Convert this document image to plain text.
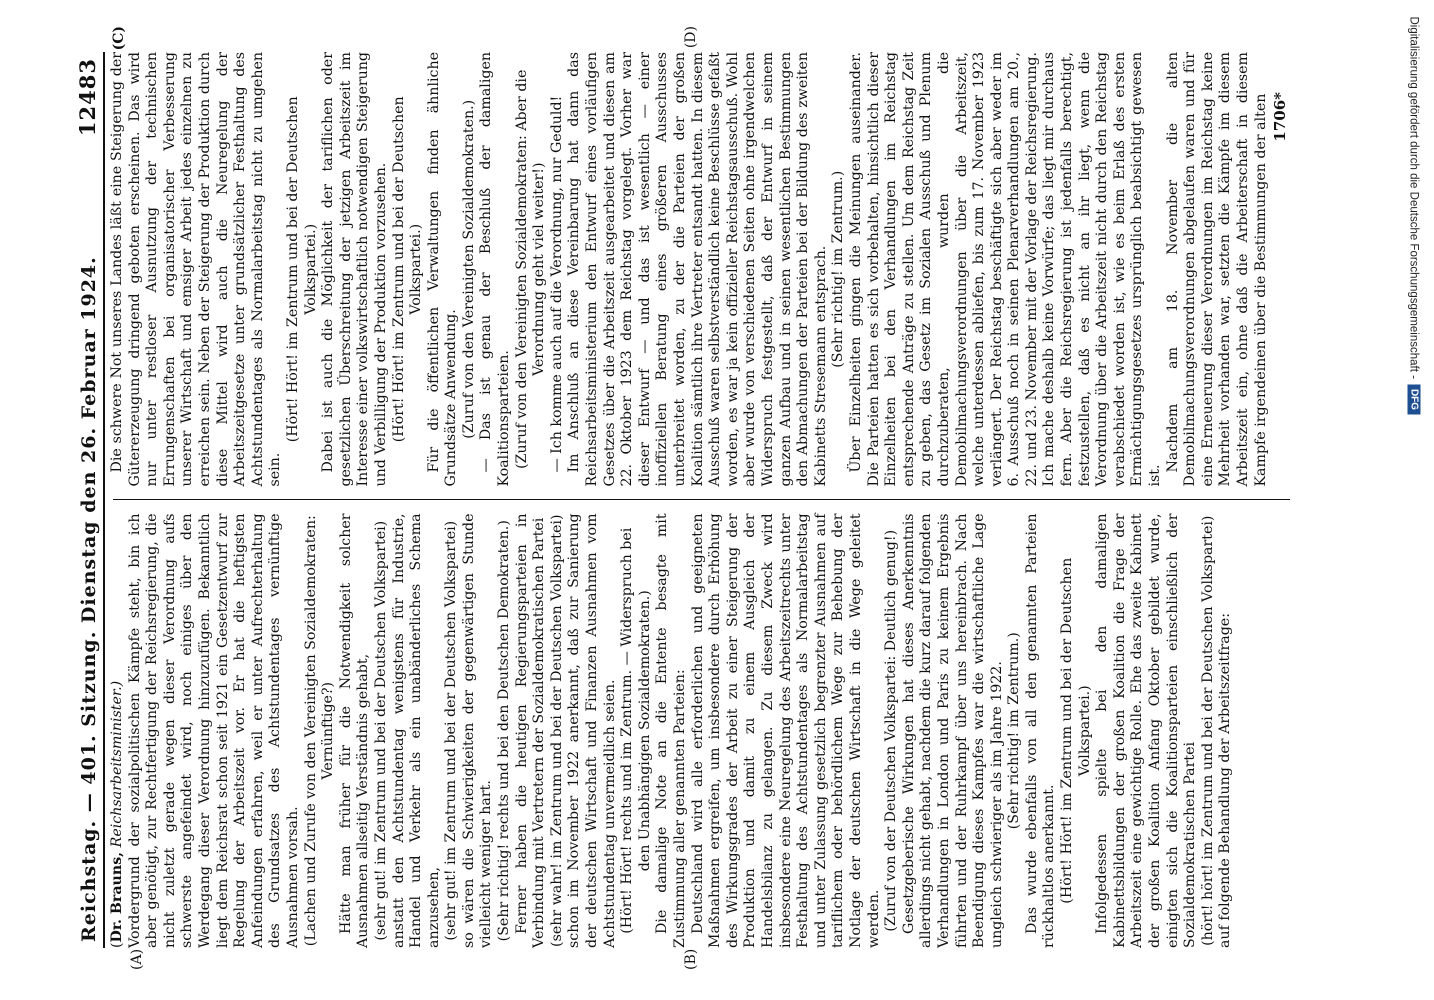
Reichstag. — 401. Sitzung. Dienstag den 26. Februar 1924.
12483
(A)	(B)

(Dr. Brauns, Reichsarbeitsminister.) Vordergrund der sozialpolitischen Kämpfe steht, bin ich aber genötigt, zur Rechtfertigung der Reichsregierung, die nicht zuletzt gerade wegen dieser Verordnung aufs schwerste angefeindet wird, noch einiges über den Werdegang dieser Verordnung hinzuzufügen. Bekanntlich liegt dem Reichsrat schon seit 1921 ein Gesetzentwurf zur Regelung der Arbeitszeit vor. Er hat die heftigsten Anfeindungen erfahren, weil er unter Aufrechterhaltung des Grundsatzes des Achtstundentages vernünftige Ausnahmen vorsah. (Lachen und Zurufe von den Vereinigten Sozialdemokraten: Vernünftige?) Hätte man früher für die Notwendigkeit solcher Ausnahmen allseitig Verständnis gehabt, (sehr gut! im Zentrum und bei der Deutschen Volkspartei) anstatt den Achtstundentag wenigstens für Industrie, Handel und Verkehr als ein unabänderliches Schema anzusehen, (sehr gut! im Zentrum und bei der Deutschen Volkspartei) so wären die Schwierigkeiten der gegenwärtigen Stunde vielleicht weniger hart. (Sehr richtig! rechts und bei den Deutschen Demokraten.) Ferner haben die heutigen Regierungsparteien in Verbindung mit Vertretern der Sozialdemokratischen Partei (sehr wahr! im Zentrum und bei der Deutschen Volkspartei) schon im November 1922 anerkannt, daß zur Sanierung der deutschen Wirtschaft und Finanzen Ausnahmen vom Achtstundentag unvermeidlich seien. (Hört! Hört! rechts und im Zentrum. — Widerspruch bei den Unabhängigen Sozialdemokraten.) Die damalige Note an die Entente besagte mit Zustimmung aller genannten Parteien: Deutschland wird alle erforderlichen und geeigneten Maßnahmen ergreifen, um insbesondere durch Erhöhung des Wirkungsgrades der Arbeit zu einer Steigerung der Produktion und damit zu einem Ausgleich der Handelsbilanz zu gelangen. Zu diesem Zweck wird insbesondere eine Neuregelung des Arbeitszeitrechts unter Festhaltung des Achtstundentages als Normalarbeitstag und unter Zulassung gesetzlich begrenzter Ausnahmen auf tariflichem oder behördlichem Wege zur Behebung der Notlage der deutschen Wirtschaft in die Wege geleitet werden. (Zuruf von der Deutschen Volkspartei: Deutlich genug!) Gesetzgeberische Wirkungen hat dieses Anerkenntnis allerdings nicht gehabt, nachdem die kurz darauf folgenden Verhandlungen in London und Paris zu keinem Ergebnis führten und der Ruhrkampf über uns hereinbrach. Nach Beendigung dieses Kampfes war die wirtschaftliche Lage ungleich schwieriger als im Jahre 1922. (Sehr richtig! im Zentrum.) Das wurde ebenfalls von all den genannten Parteien rückhaltlos anerkannt. (Hört! Hört! im Zentrum und bei der Deutschen Volkspartei.) Infolgedessen spielte bei den damaligen Kabinettsbildungen der großen Koalition die Frage der Arbeitszeit eine gewichtige Rolle. Ehe das zweite Kabinett der großen Koalition Anfang Oktober gebildet wurde, einigten sich die Koalitionsparteien einschließlich der Sozialdemokratischen Partei (hört! hört! im Zentrum und bei der Deutschen Volkspartei) auf folgende Behandlung der Arbeitszeitfrage:

(C)	(D)

Die schwere Not unseres Landes läßt eine Steigerung der Gütererzeugung dringend geboten erscheinen. Das wird nur unter restloser Ausnutzung der technischen Errungenschaften bei organisatorischer Verbesserung unserer Wirtschaft und emsiger Arbeit jedes einzelnen zu erreichen sein. Neben der Steigerung der Produktion durch diese Mittel wird auch die Neuregelung der Arbeitszeitgesetze unter grundsätzlicher Festhaltung des Achtstundentages als Normalarbeitstag nicht zu umgehen sein.

(Hört! Hört! im Zentrum und bei der Deutschen Volkspartei.) Dabei ist auch die Möglichkeit der tariflichen oder gesetzlichen Überschreitung der jetzigen Arbeitszeit im Interesse einer volkswirtschaftlich notwendigen Steigerung und Verbilligung der Produktion vorzusehen. (Hört! Hört! im Zentrum und bei der Deutschen Volkspartei.) Für die öffentlichen Verwaltungen finden ähnliche Grundsätze Anwendung. (Zuruf von den Vereinigten Sozialdemokraten.) — Das ist genau der Beschluß der damaligen Koalitionsparteien. (Zuruf von den Vereinigten Sozialdemokraten: Aber die Verordnung geht viel weiter!) — Ich komme auch auf die Verordnung, nur Geduld! Im Anschluß an diese Vereinbarung hat dann das Reichsarbeitsministerium den Entwurf eines vorläufigen Gesetzes über die Arbeitszeit ausgearbeitet und diesen am 22. Oktober 1923 dem Reichstag vorgelegt. Vorher war dieser Entwurf — und das ist wesentlich — einer inoffiziellen Beratung eines größeren Ausschusses unterbreitet worden, zu der die Parteien der großen Koalition sämtlich ihre Vertreter entsandt hatten. In diesem Ausschuß waren selbstverständlich keine Beschlüsse gefaßt worden, es war ja kein offizieller Reichstagsausschuß. Wohl aber wurde von verschiedenen Seiten ohne irgendwelchen Widerspruch festgestellt, daß der Entwurf in seinem ganzen Aufbau und in seinen wesentlichen Bestimmungen den Abmachungen der Parteien bei der Bildung des zweiten Kabinetts Stresemann entsprach. (Sehr richtig! im Zentrum.) Über Einzelheiten gingen die Meinungen auseinander. Die Parteien hatten es sich vorbehalten, hinsichtlich dieser Einzelheiten bei den Verhandlungen im Reichstag entsprechende Anträge zu stellen. Um dem Reichstag Zeit zu geben, das Gesetz im Sozialen Ausschuß und Plenum durchzuberaten, wurden die Demobilmachungsverordnungen über die Arbeitszeit, welche unterdessen abliefen, bis zum 17. November 1923 verlängert. Der Reichstag beschäftigte sich aber weder im 6. Ausschuß noch in seinen Plenarverhandlungen am 20., 22. und 23. November mit der Vorlage der Reichsregierung. Ich mache deshalb keine Vorwürfe; das liegt mir durchaus fern. Aber die Reichsregierung ist jedenfalls berechtigt, festzustellen, daß es nicht an ihr liegt, wenn die Verordnung über die Arbeitszeit nicht durch den Reichstag verabschiedet worden ist, wie es beim Erlaß des ersten Ermächtigungsgesetzes ursprünglich beabsichtigt gewesen ist.

Nachdem am 18. November die alten Demobilmachungsverordnungen abgelaufen waren und für eine Erneuerung dieser Verordnungen im Reichstag keine Mehrheit vorhanden war, setzten die Kämpfe im diesem Arbeitszeit ein, ohne daß die Arbeiterschaft in diesem Kampfe irgendeinen über die Bestimmungen der alten 1706*	Digitalisierung gefördert durch die Deutsche Forschungsgemeinschaft -
DFG
